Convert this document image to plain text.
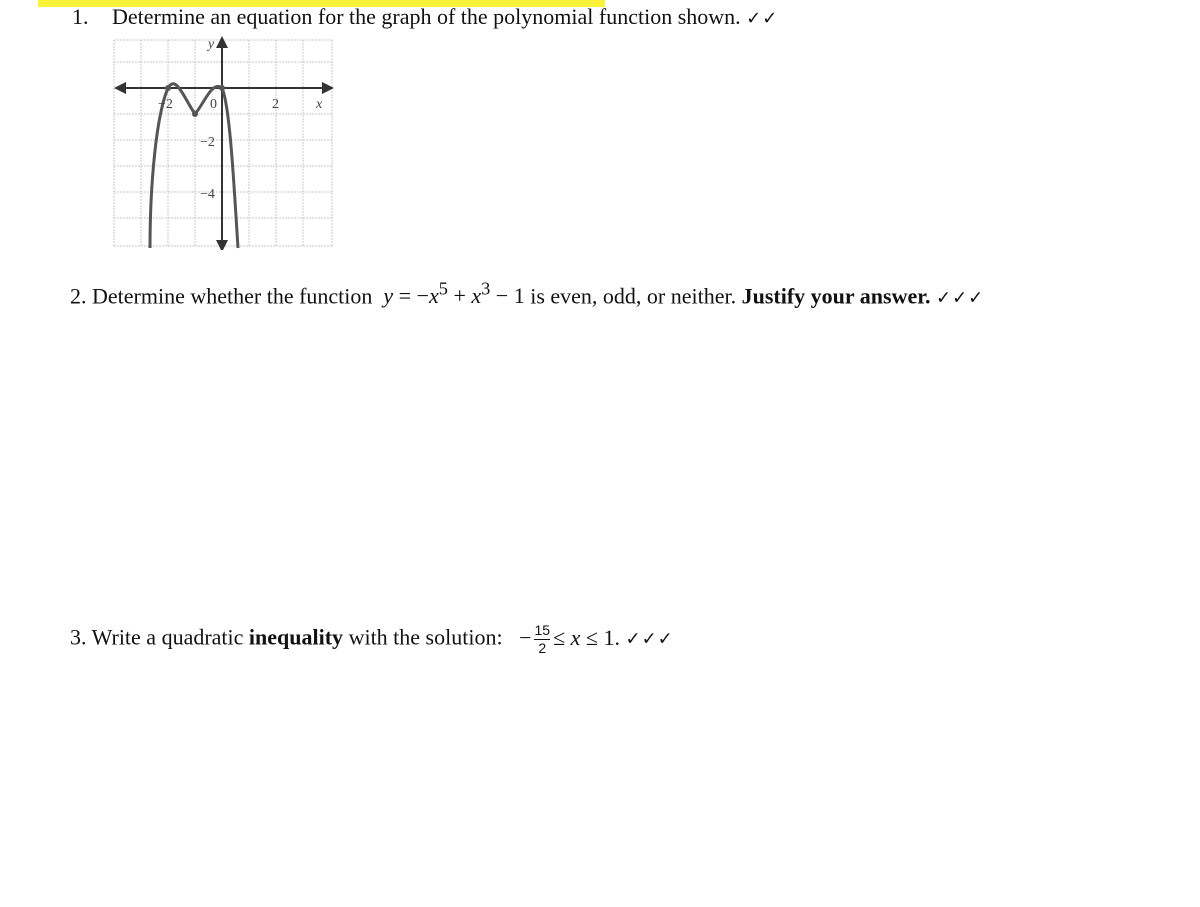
1. Determine an equation for the graph of the polynomial function shown. ✓✓
y
x
−2	0	2
−2
−4
2. Determine whether the function $y = -x^5 + x^3 - 1$ is even, odd, or neither. Justify your answer. ✓✓✓
3. Write a quadratic inequality with the solution: − $\frac{15}{2} \le x \le 1$. ✓✓✓
